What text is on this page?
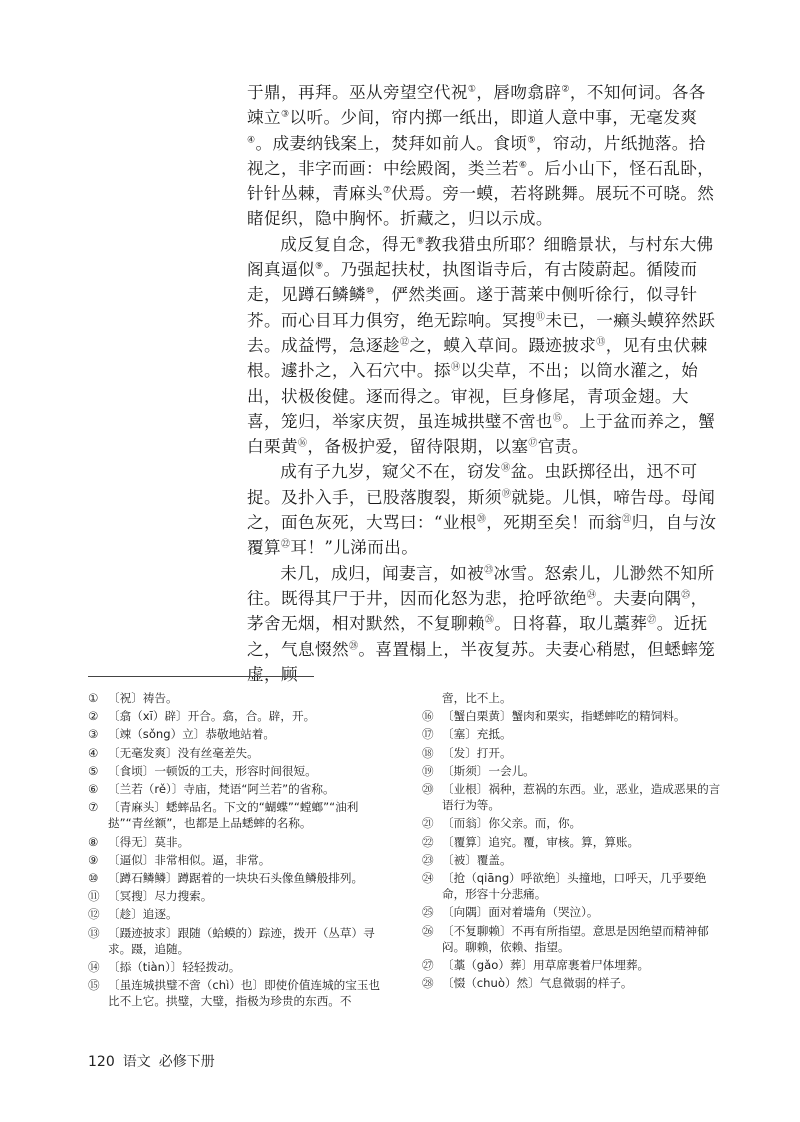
于鼎，再拜。巫从旁望空代祝①，唇吻翕辟②，不知何词。各各竦立③以听。少间，帘内掷一纸出，即道人意中事，无毫发爽④。成妻纳钱案上，焚拜如前人。食顷⑤，帘动，片纸抛落。拾视之，非字而画：中绘殿阁，类兰若⑥。后小山下，怪石乱卧，针针丛棘，青麻头⑦伏焉。旁一蟆，若将跳舞。展玩不可晓。然睹促织，隐中胸怀。折藏之，归以示成。

成反复自念，得无⑧教我猎虫所耶？细瞻景状，与村东大佛阁真逼似⑨。乃强起扶杖，执图诣寺后，有古陵蔚起。循陵而走，见蹲石鳞鳞⑩，俨然类画。遂于蒿莱中侧听徐行，似寻针芥。而心目耳力俱穷，绝无踪响。冥搜⑪未已，一癞头蟆猝然跃去。成益愕，急逐趁⑫之，蟆入草间。蹑迹披求⑬，见有虫伏棘根。遽扑之，入石穴中。掭⑭以尖草，不出；以筒水灌之，始出，状极俊健。逐而得之。审视，巨身修尾，青项金翅。大喜，笼归，举家庆贺，虽连城拱璧不啻也⑮。上于盆而养之，蟹白栗黄⑯，备极护爱，留待限期，以塞⑰官责。

成有子九岁，窥父不在，窃发⑱盆。虫跃掷径出，迅不可捉。及扑入手，已股落腹裂，斯须⑲就毙。儿惧，啼告母。母闻之，面色灰死，大骂曰：“业根⑳，死期至矣！而翁$^㉑$归，自与汝覆算$^㉒$耳！”儿涕而出。

未几，成归，闻妻言，如被$^㉓$冰雪。怒索儿，儿渺然不知所往。既得其尸于井，因而化怒为悲，抢呼欲绝$^㉔$。夫妻向隅$^㉕$，茅舍无烟，相对默然，不复聊赖$^㉖$。日将暮，取儿藁葬$^㉗$。近抚之，气息惙然$^㉘$。喜置榻上，半夜复苏。夫妻心稍慰，但蟋蟀笼虚，顾

① 〔祝〕祷告。
② 〔翕（xī）辟〕开合。翕，合。辟，开。
③ 〔竦（sǒng）立〕恭敬地站着。
④ 〔无毫发爽〕没有丝毫差失。
⑤ 〔食顷〕一顿饭的工夫，形容时间很短。
⑥ 〔兰若（rě）〕寺庙，梵语“阿兰若”的省称。
⑦ 〔青麻头〕蟋蟀品名。下文的“蝴蝶”“螳螂”“油利挞”“青丝额”，也都是上品蟋蟀的名称。
⑧ 〔得无〕莫非。
⑨ 〔逼似〕非常相似。逼，非常。
⑩ 〔蹲石鳞鳞〕蹲踞着的一块块石头像鱼鳞般排列。
⑪ 〔冥搜〕尽力搜索。
⑫ 〔趁〕追逐。
⑬ 〔蹑迹披求〕跟随（蛤蟆的）踪迹，拨开（丛草）寻求。蹑，追随。
⑭ 〔掭（tiàn）〕轻轻拨动。
⑮ 〔虽连城拱璧不啻（chì）也〕即使价值连城的宝玉也比不上它。拱璧，大璧，指极为珍贵的东西。不
啻，比不上。
⑯ 〔蟹白栗黄〕蟹肉和栗实，指蟋蟀吃的精饲料。
⑰ 〔塞〕充抵。
⑱ 〔发〕打开。
⑲ 〔斯须〕一会儿。
⑳ 〔业根〕祸种，惹祸的东西。业，恶业，造成恶果的言语行为等。
㉑ 〔而翁〕你父亲。而，你。
㉒ 〔覆算〕追究。覆，审核。算，算账。
㉓ 〔被〕覆盖。
㉔ 〔抢（qiāng）呼欲绝〕头撞地，口呼天，几乎要绝命，形容十分悲痛。
㉕ 〔向隅〕面对着墙角（哭泣）。
㉖ 〔不复聊赖〕不再有所指望。意思是因绝望而精神郁闷。聊赖，依赖、指望。
㉗ 〔藁（gǎo）葬〕用草席裹着尸体埋葬。
㉘ 〔惙（chuò）然〕气息微弱的样子。
120 语文 必修下册
